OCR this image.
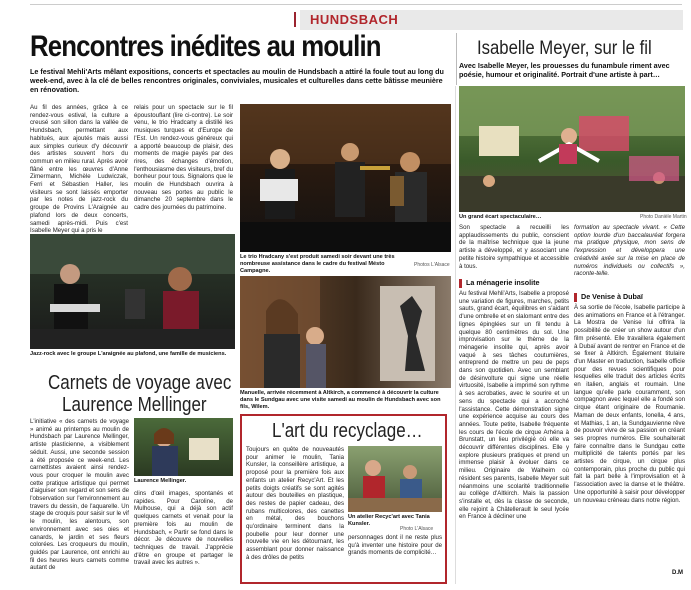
HUNDSBACH
Rencontres inédites au moulin	Isabelle Meyer, sur le fil
Avec Isabelle Meyer, les prouesses du funambule riment avec poésie, humour et originalité. Portrait d'une artiste à part…
Le festival Mehli'Arts mêlant expositions, concerts et spectacles au moulin de Hundsbach a attiré la foule tout au long du week-end, avec à la clé de belles rencontres originales, conviviales, musicales et culturelles dans cette bâtisse meunière en rénovation.
Au fil des années, grâce à ce rendez-vous estival, la culture a creusé son sillon dans la vallée de Hundsbach, permettant aux habitués, aux ajoutés mais aussi aux simples curieux d'y découvrir des artistes souvent hors du commun en milieu rural. Après avoir flâné entre les œuvres d'Anne Zimermann, Michèle Ludwiczak, Ferri et Sébastien Haller, les visiteurs se sont laissés emporter par les notes de jazz-rock du groupe de Provins L'Araignée au plafond lors de deux concerts, samedi après-midi. Puis c'est Isabelle Meyer qui a pris le
relais pour un spectacle sur le fil époustouflant (lire ci-contre). Le soir venu, le trio Hradcany a distillé les musiques turques et d'Europe de l'Est. Un rendez-vous généreux qui a apporté beaucoup de plaisir, des moments de magie payés par des rires, des échanges d'émotion, l'enthousiasme des visiteurs, bref du bonheur pour tous. Signalons que le moulin de Hundsbach ouvrira à nouveau ses portes au public le dimanche 20 septembre dans le cadre des journées du patrimoine.
Le trio Hradcany s'est produit samedi soir devant une très nombreuse assistance dans le cadre du festival Mésto Campagne.
Photos L'Alsace
Jazz-rock avec le groupe L'araignée au plafond, une famille de musiciens.
Manuelle, arrivée récemment à Altkirch, a commencé à découvrir la culture dans le Sundgau avec une visite samedi au moulin de Hundsbach avec son fils, Wilem.
Carnets de voyage avec
Laurence Mellinger
L'initiative « des carnets de voyage » animé au printemps au moulin de Hundsbach par Laurence Mellinger, artiste plasticienne, a visiblement séduit. Aussi, une seconde session a été proposée ce week-end. Les carnettistes avaient ainsi rendez-vous pour croquer le moulin avec cette pratique artistique qui permet d'aiguiser son regard et son sens de l'observation sur l'environnement au travers du dessin, de l'aquarelle. Un stage de croquis pour saisir sur le vif le moulin, les alentours, son environnement avec ses oies et canards, le jardin et ses fleurs colorées. Les croqueurs du moulin, guidés par Laurence, ont enrichi au fil des heures leurs carnets comme autant de
Laurence Mellinger.
clins d'œil images, spontanés et rapides. Pour Caroline, de Mulhouse, qui a déjà son actif quelques carnets et venait pour la première fois au moulin de Hundsbach, « Partir se fond dans le décor. Je découvre de nouvelles techniques de travail. J'apprécie d'être en groupe et partager le travail avec les autres ».
L'art du recyclage…
Toujours en quête de nouveautés pour animer le moulin, Tania Kunsler, la conseillère artistique, a proposé pour la première fois aux enfants un atelier Recyc'Art. Et les petits doigts créatifs se sont agités autour des bouteilles en plastique, des restes de papier cadeau, des rubans multicolores, des canettes en métal, des bouchons qu'ordinaire terminent dans la poubelle pour leur donner une nouvelle vie en les détournant, les assemblant pour donner naissance à des drôles de petits
Un atelier Recyc'art avec Tania Kunsler.
Photo L'Alsace
personnages dont il ne reste plus qu'à inventer une histoire pour de grands moments de complicité…
Un grand écart spectaculaire…	Photo Danièle Martin
Son spectacle a recueilli les applaudissements du public, conscient de la maîtrise technique que la jeune artiste a développé, et y associant une petite histoire sympathique et accessible à tous.
La ménagerie insolite
Au festival Mehli'Arts, Isabelle a proposé une variation de figures, marches, petits sauts, grand écart, équilibres en s'aidant d'une ombrelle et en slalomant entre des lignes épinglées sur un fil tendu à quelque 80 centimètres du sol. Une improvisation sur le thème de la ménagerie insolite qui, après avoir vaqué à ses tâches coutumières, entreprend de mettre un peu de peps dans son quotidien. Avec un semblant de désinvolture qui signe une réelle virtuosité, Isabelle a imprimé son rythme à ses acrobaties, avec le sourire et un sens du spectacle qui a accroché l'assistance. Cette démonstration signe une expérience acquise au cours des années. Toute petite, Isabelle fréquente les cours de l'école de cirque Arhéna à Brunstatt, un lieu privilégié où elle va découvrir différentes disciplines. Elle y explore plusieurs pratiques et prend un immense plaisir à évoluer dans ce milieu. Originaire de Walheim où résident ses parents, Isabelle Meyer suit néanmoins une scolarité traditionnelle au collège d'Altkirch. Mais la passion s'installe et, dès la classe de seconde, elle rejoint à Châtellerault le seul lycée en France à décliner une
formation au spectacle vivant. « Cette option lourde d'un baccalauréat forgera ma pratique physique, mon sens de l'expression et développera une créativité axée sur la mise en place de numéros individuels ou collectifs », raconte-telle.
De Venise à Dubaï
À sa sortie de l'école, Isabelle participe à des animations en France et à l'étranger. La Mostra de Venise lui offrira la possibilité de créer un show autour d'un film présenté. Elle travaillera également à Dubaï avant de rentrer en France et de se fixer à Altkirch. Également titulaire d'un Master en traduction, Isabelle officie pour des revues scientifiques pour lesquelles elle traduit des articles écrits en italien, anglais et roumain. Une langue qu'elle parle couramment, son compagnon avec lequel elle a fondé son cirque étant originaire de Roumanie. Maman de deux enfants, Ionella, 4 ans, et Mathias, 1 an, la Sundgauvienne rêve de pouvoir vivre de sa passion en créant ses propres numéros. Elle souhaiterait faire connaître dans le Sundgau cette multiplicité de talents portés par les artistes de cirque, un cirque plus contemporain, plus proche du public qui fait la part belle à l'improvisation et à l'association avec la danse et le théâtre. Une opportunité à saisir pour développer un nouveau créneau dans notre région.
D.M
